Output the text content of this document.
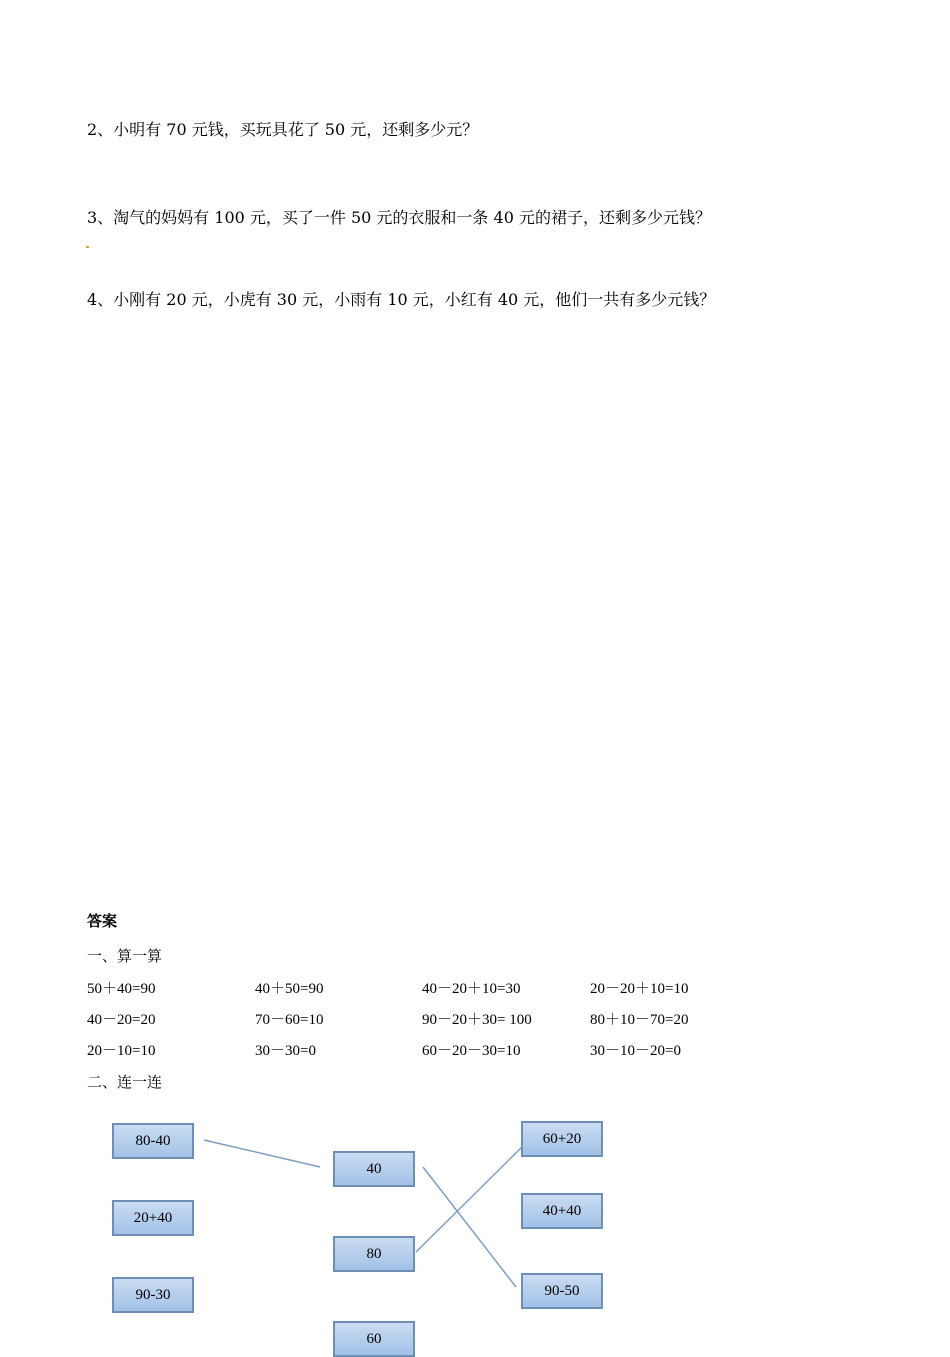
2、小明有 70 元钱，买玩具花了 50 元，还剩多少元？
3、淘气的妈妈有 100 元，买了一件 50 元的衣服和一条 40 元的裙子，还剩多少元钱？
4、小刚有 20 元，小虎有 30 元，小雨有 10 元，小红有 40 元，他们一共有多少元钱？
答案
一、算一算
50＋40=90	40＋50=90	40－20＋10=30	20－20＋10=10
40－20=20	70－60=10	90－20＋30= 100	80＋10－70=20
20－10=10	30－30=0	60－20－30=10	30－10－20=0
二、连一连
80-40
20+40
90-30
40
80
60
60+20
40+40
90-50
